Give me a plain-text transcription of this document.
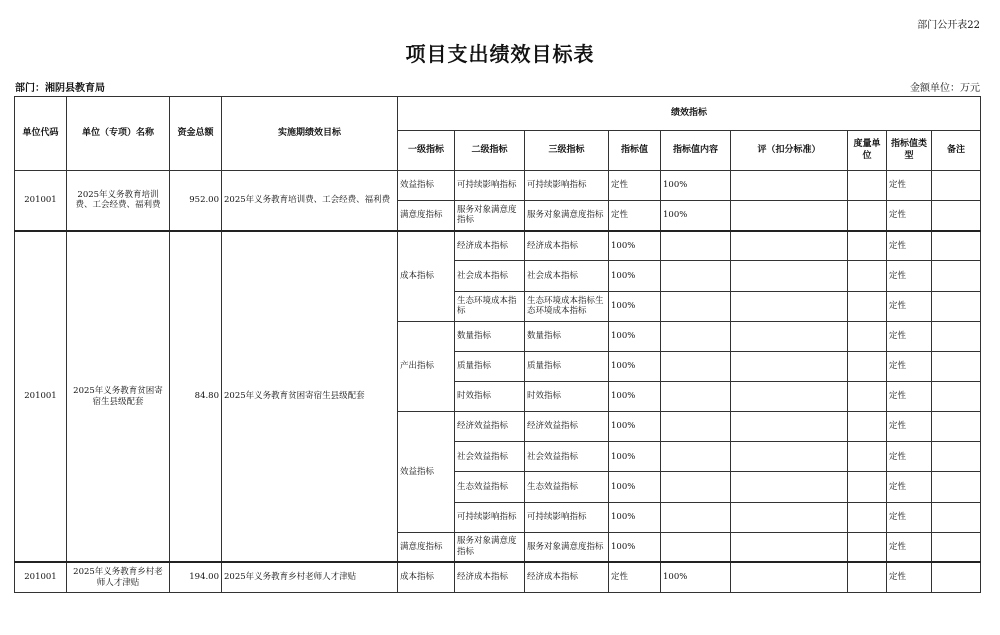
部门公开表22
项目支出绩效目标表
部门：湘阴县教育局	金额单位：万元
单位代码	单位（专项）名称	资金总额	实施期绩效目标	绩效指标								
				一级指标	二级指标	三级指标	指标值	指标值内容	评（扣分标准）	度量单位	指标值类型	备注
201001	2025年义务教育培训费、工会经费、福利费	952.00	2025年义务教育培训费、工会经费、福利费	效益指标	可持续影响指标	可持续影响指标	定性	100%			定性	
				满意度指标	服务对象满意度指标	服务对象满意度指标	定性	100%			定性	
201001	2025年义务教育贫困寄宿生县级配套	84.80	2025年义务教育贫困寄宿生县级配套	成本指标	经济成本指标	经济成本指标	100%				定性	
					社会成本指标	社会成本指标	100%				定性	
					生态环境成本指标	生态环境成本指标生态环境成本指标	100%				定性	
				产出指标	数量指标	数量指标	100%				定性	
					质量指标	质量指标	100%				定性	
					时效指标	时效指标	100%				定性	
				效益指标	经济效益指标	经济效益指标	100%				定性	
					社会效益指标	社会效益指标	100%				定性	
					生态效益指标	生态效益指标	100%				定性	
					可持续影响指标	可持续影响指标	100%				定性	
				满意度指标	服务对象满意度指标	服务对象满意度指标	100%				定性	
201001	2025年义务教育乡村老师人才津贴	194.00	2025年义务教育乡村老师人才津贴	成本指标	经济成本指标	经济成本指标	定性	100%			定性	
